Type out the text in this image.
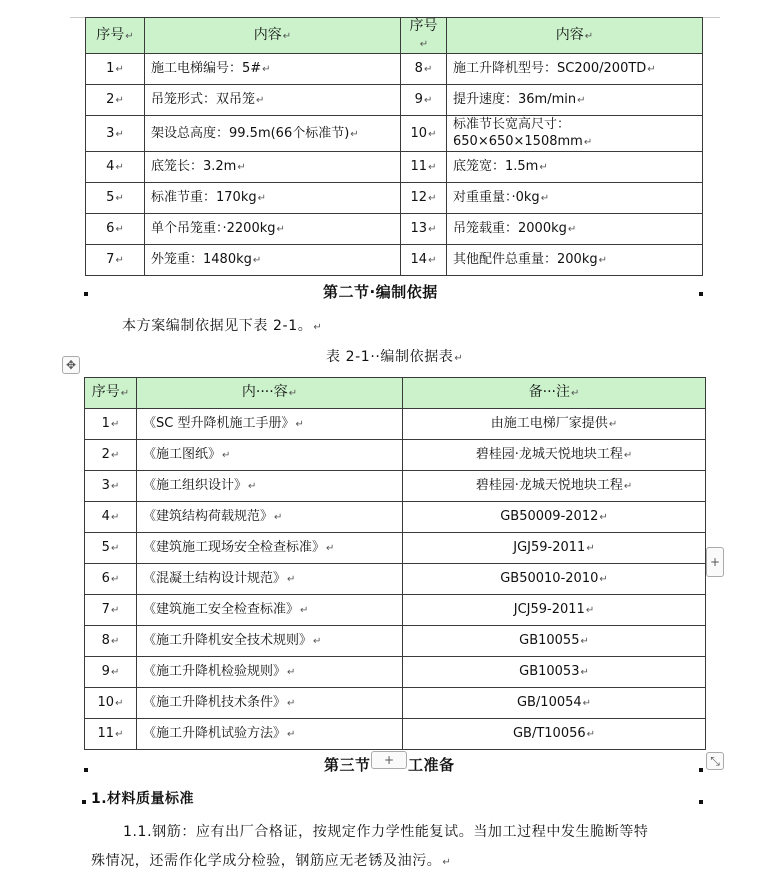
序号↵	内容↵	序号↵	内容↵
1↵	施工电梯编号：5#↵	8↵	施工升降机型号：SC200/200TD↵
2↵	吊笼形式：双吊笼↵	9↵	提升速度：36m/min↵
3↵	架设总高度：99.5m(66个标准节)↵	10↵	标准节长宽高尺寸：650×650×1508mm↵
4↵	底笼长：3.2m↵	11↵	底笼宽：1.5m↵
5↵	标准节重：170kg↵	12↵	对重重量：·0kg↵
6↵	单个吊笼重：·2200kg↵	13↵	吊笼载重：2000kg↵
7↵	外笼重：1480kg↵	14↵	其他配件总重量：200kg↵
第二节·编制依据
本方案编制依据见下表 2-1。↵
表 2-1··编制依据表↵
✥
序号↵	内····容↵	备···注↵
1↵	《SC 型升降机施工手册》↵	由施工电梯厂家提供↵
2↵	《施工图纸》↵	碧桂园·龙城天悦地块工程↵
3↵	《施工组织设计》↵	碧桂园·龙城天悦地块工程↵
4↵	《建筑结构荷载规范》↵	GB50009-2012↵
5↵	《建筑施工现场安全检查标准》↵	JGJ59-2011↵
6↵	《混凝土结构设计规范》↵	GB50010-2010↵
7↵	《建筑施工安全检查标准》↵	JCJ59-2011↵
8↵	《施工升降机安全技术规则》↵	GB10055↵
9↵	《施工升降机检验规则》↵	GB10053↵
10↵	《施工升降机技术条件》↵	GB/10054↵
11↵	《施工升降机试验方法》↵	GB/T10056↵
+
⤡
第三节	+ 工准备
1.材料质量标准
1.1.钢筋：应有出厂合格证，按规定作力学性能复试。当加工过程中发生脆断等特
殊情况，还需作化学成分检验，钢筋应无老锈及油污。↵
